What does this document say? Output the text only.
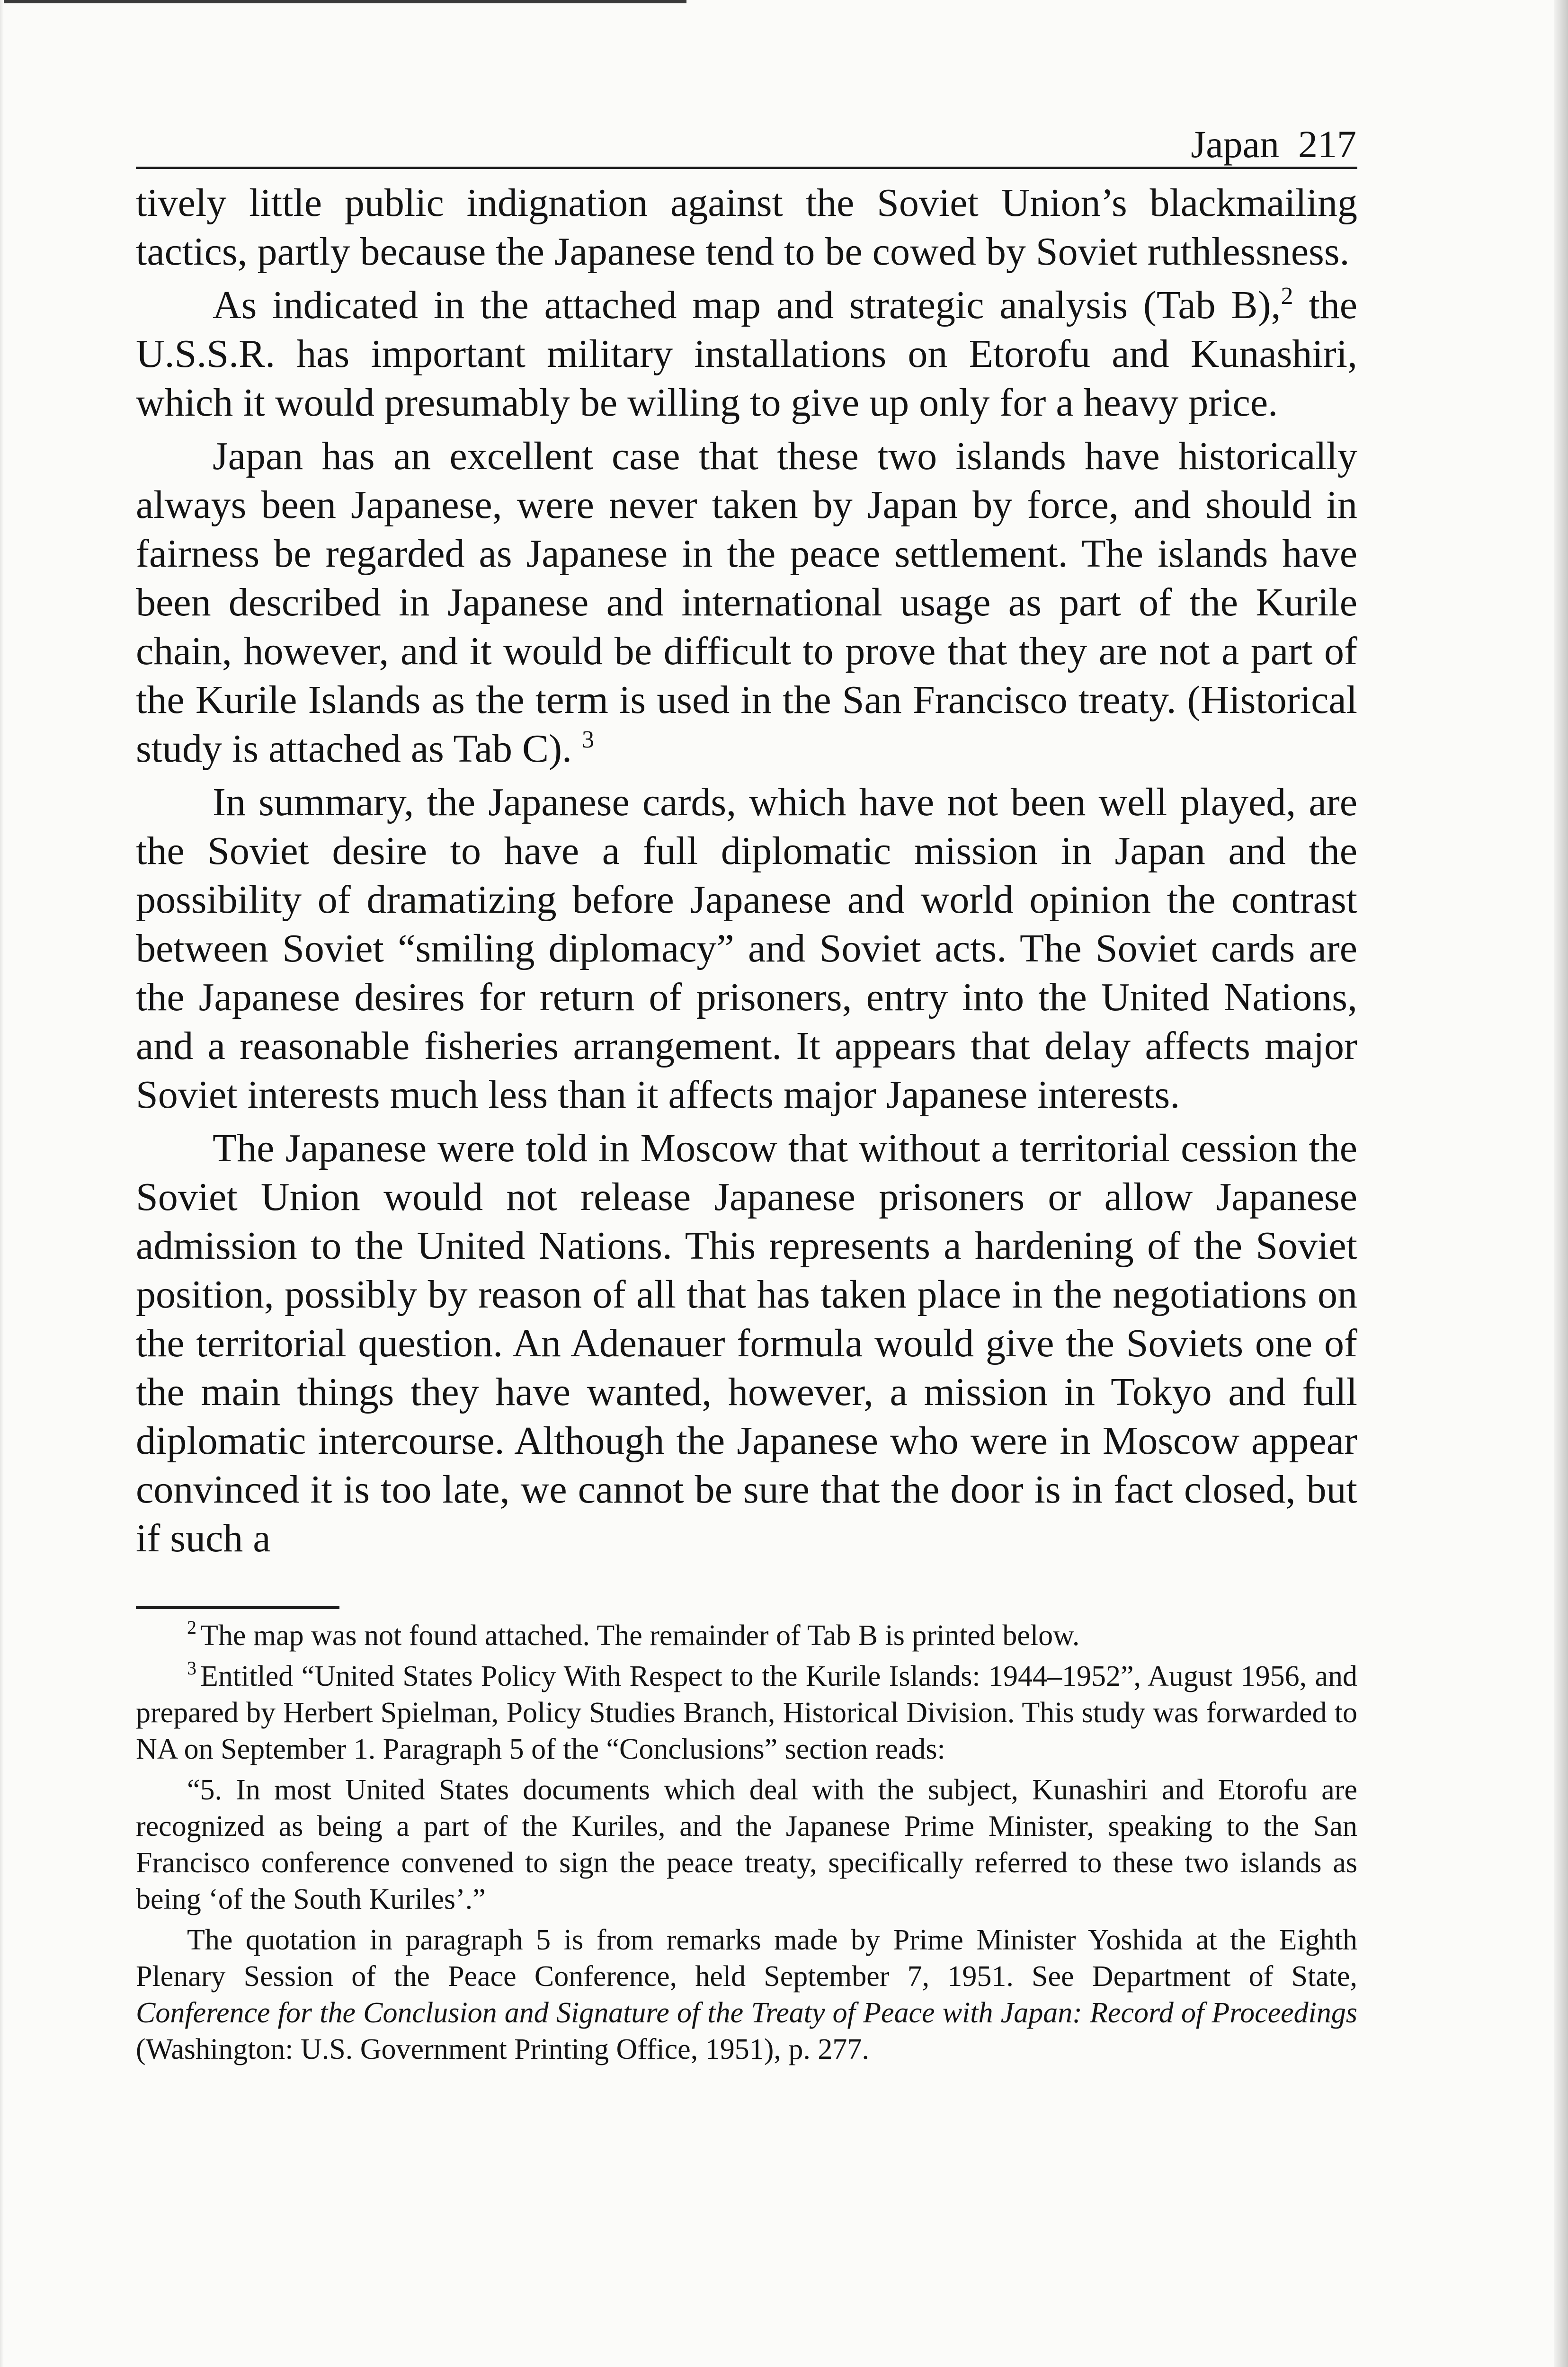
Japan 217

tively little public indignation against the Soviet Union’s blackmailing tactics, partly because the Japanese tend to be cowed by Soviet ruthlessness.

As indicated in the attached map and strategic analysis (Tab B),$^2$ the U.S.S.R. has important military installations on Etorofu and Kunashiri, which it would presumably be willing to give up only for a heavy price.

Japan has an excellent case that these two islands have historically always been Japanese, were never taken by Japan by force, and should in fairness be regarded as Japanese in the peace settlement. The islands have been described in Japanese and international usage as part of the Kurile chain, however, and it would be difficult to prove that they are not a part of the Kurile Islands as the term is used in the San Francisco treaty. (Historical study is attached as Tab C). $^3$

In summary, the Japanese cards, which have not been well played, are the Soviet desire to have a full diplomatic mission in Japan and the possibility of dramatizing before Japanese and world opinion the contrast between Soviet “smiling diplomacy” and Soviet acts. The Soviet cards are the Japanese desires for return of prisoners, entry into the United Nations, and a reasonable fisheries arrangement. It appears that delay affects major Soviet interests much less than it affects major Japanese interests.

The Japanese were told in Moscow that without a territorial cession the Soviet Union would not release Japanese prisoners or allow Japanese admission to the United Nations. This represents a hardening of the Soviet position, possibly by reason of all that has taken place in the negotiations on the territorial question. An Adenauer formula would give the Soviets one of the main things they have wanted, however, a mission in Tokyo and full diplomatic intercourse. Although the Japanese who were in Moscow appear convinced it is too late, we cannot be sure that the door is in fact closed, but if such a

$^2$ The map was not found attached. The remainder of Tab B is printed below.

$^3$ Entitled “United States Policy With Respect to the Kurile Islands: 1944–1952”, August 1956, and prepared by Herbert Spielman, Policy Studies Branch, Historical Division. This study was forwarded to NA on September 1. Paragraph 5 of the “Conclusions” section reads:

“5. In most United States documents which deal with the subject, Kunashiri and Etorofu are recognized as being a part of the Kuriles, and the Japanese Prime Minister, speaking to the San Francisco conference convened to sign the peace treaty, specifically referred to these two islands as being ‘of the South Kuriles’.”

The quotation in paragraph 5 is from remarks made by Prime Minister Yoshida at the Eighth Plenary Session of the Peace Conference, held September 7, 1951. See Department of State, Conference for the Conclusion and Signature of the Treaty of Peace with Japan: Record of Proceedings (Washington: U.S. Government Printing Office, 1951), p. 277.
